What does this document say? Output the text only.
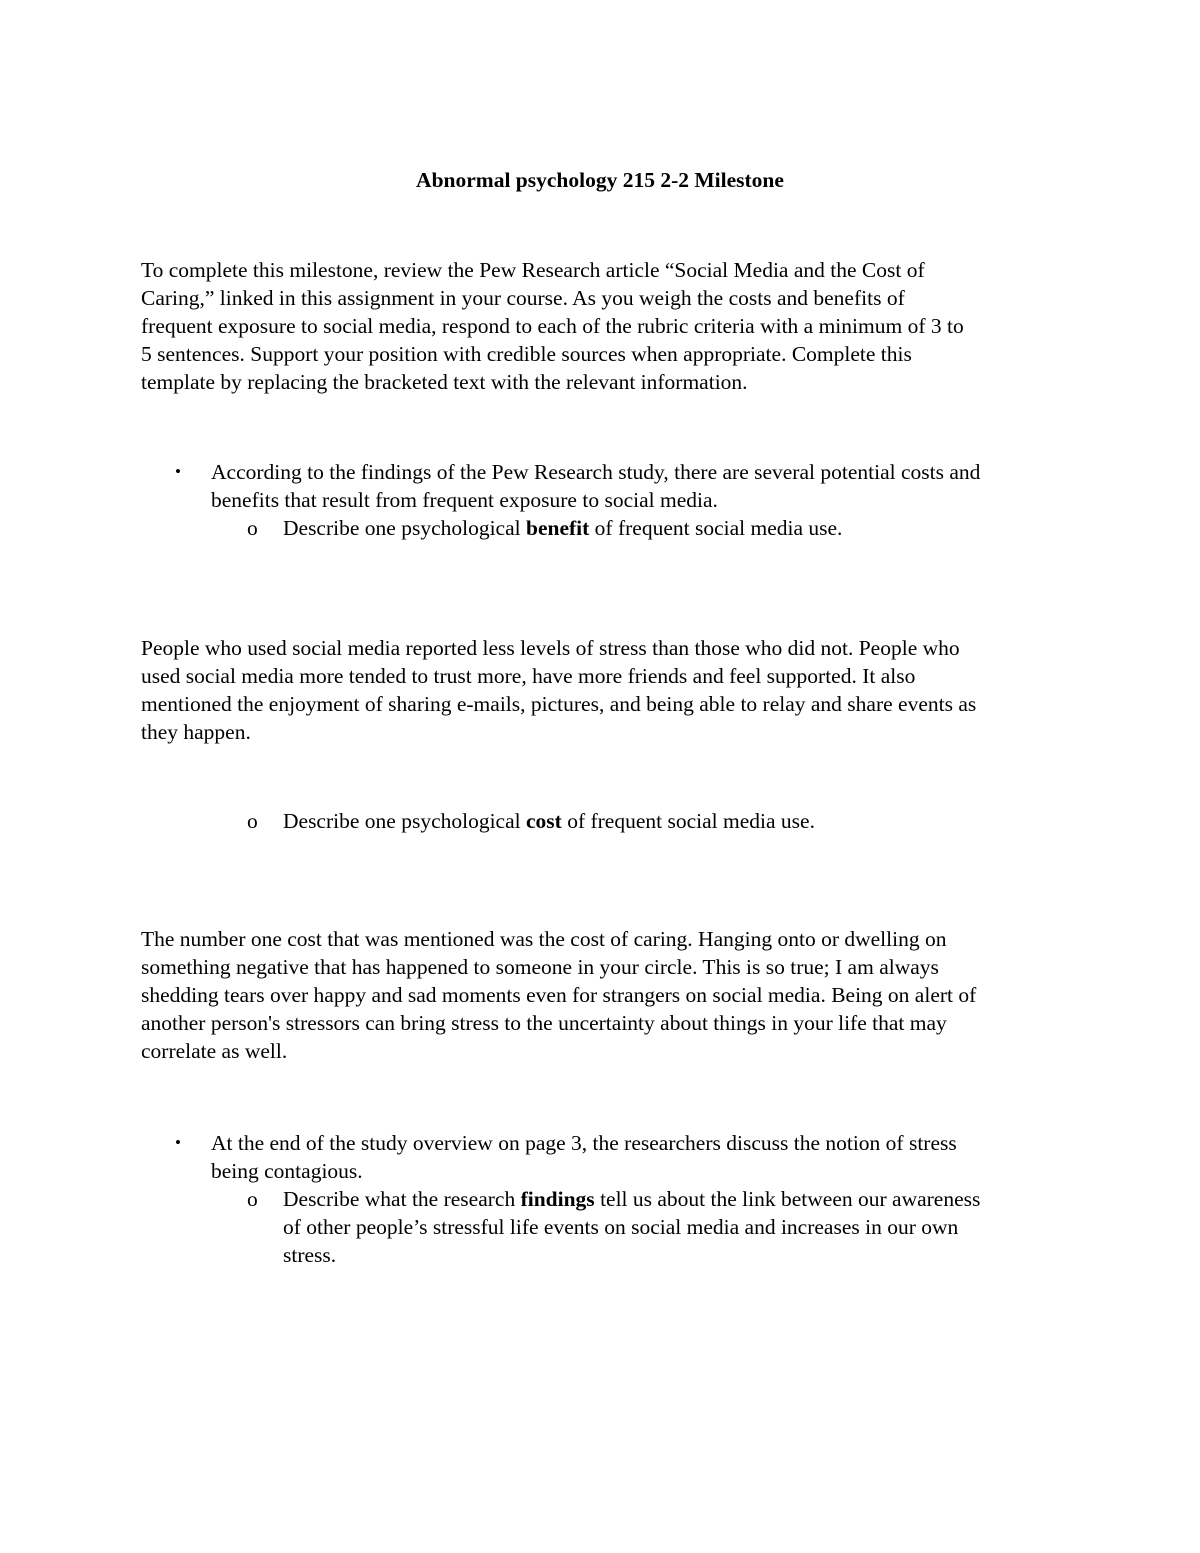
Abnormal psychology 215 2-2 Milestone
To complete this milestone, review the Pew Research article “Social Media and the Cost of
Caring,” linked in this assignment in your course. As you weigh the costs and benefits of
frequent exposure to social media, respond to each of the rubric criteria with a minimum of 3 to
5 sentences. Support your position with credible sources when appropriate. Complete this
template by replacing the bracketed text with the relevant information.
• According to the findings of the Pew Research study, there are several potential costs and
benefits that result from frequent exposure to social media.
o Describe one psychological benefit of frequent social media use.
People who used social media reported less levels of stress than those who did not. People who
used social media more tended to trust more, have more friends and feel supported. It also
mentioned the enjoyment of sharing e-mails, pictures, and being able to relay and share events as
they happen.
o Describe one psychological cost of frequent social media use.
The number one cost that was mentioned was the cost of caring. Hanging onto or dwelling on
something negative that has happened to someone in your circle. This is so true; I am always
shedding tears over happy and sad moments even for strangers on social media. Being on alert of
another person's stressors can bring stress to the uncertainty about things in your life that may
correlate as well.
• At the end of the study overview on page 3, the researchers discuss the notion of stress
being contagious.
o Describe what the research findings tell us about the link between our awareness
of other people’s stressful life events on social media and increases in our own
stress.
